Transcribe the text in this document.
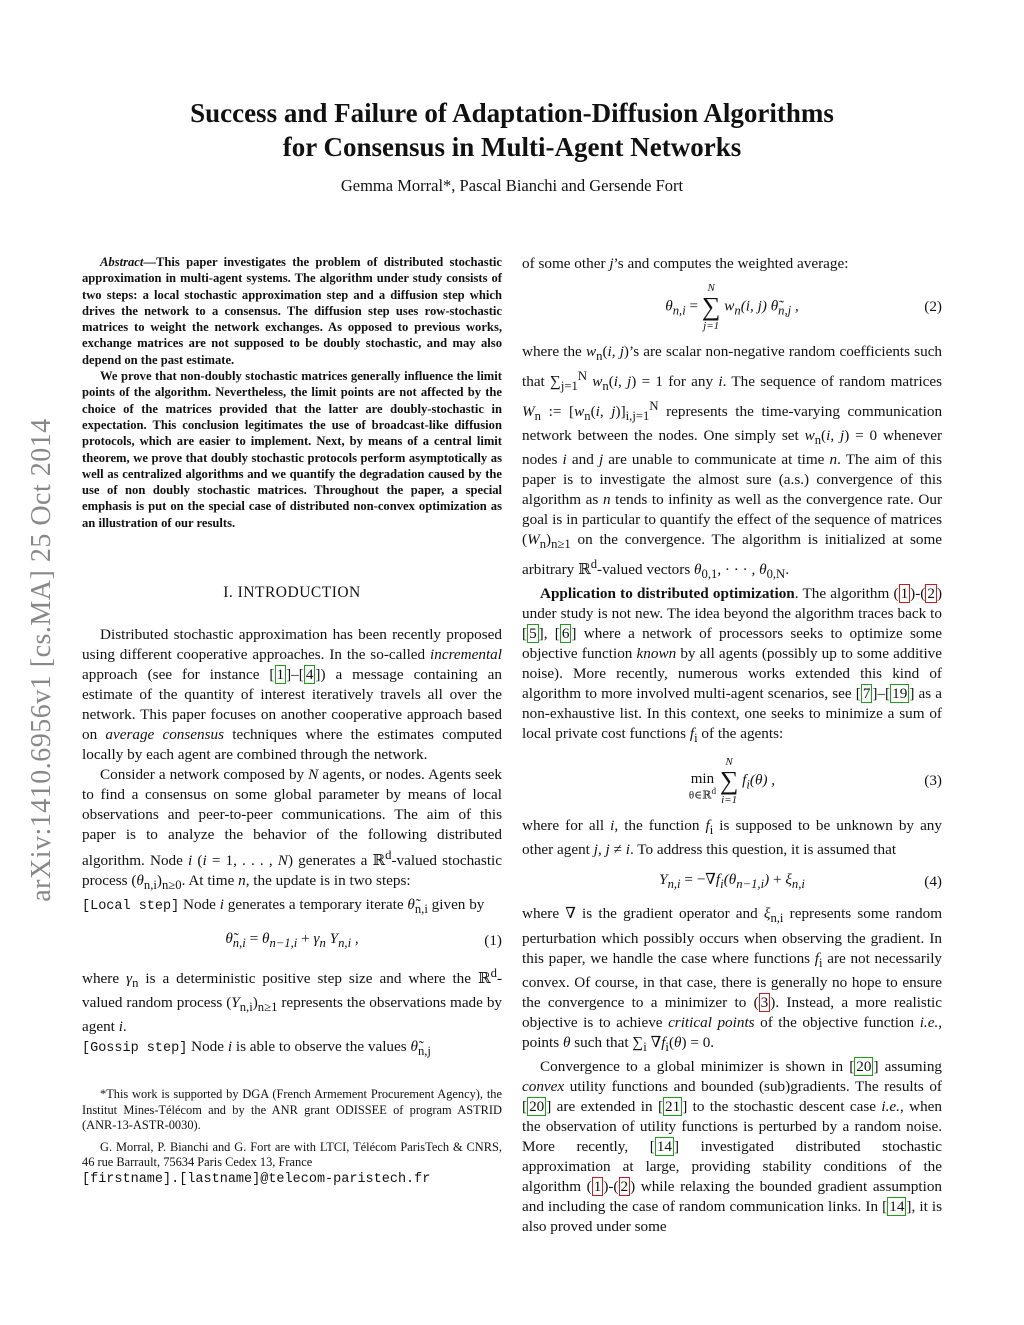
arXiv:1410.6956v1 [cs.MA] 25 Oct 2014
Success and Failure of Adaptation-Diffusion Algorithms
for Consensus in Multi-Agent Networks
Gemma Morral*, Pascal Bianchi and Gersende Fort

Abstract—This paper investigates the problem of distributed stochastic approximation in multi-agent systems. The algorithm under study consists of two steps: a local stochastic approximation step and a diffusion step which drives the network to a consensus. The diffusion step uses row-stochastic matrices to weight the network exchanges. As opposed to previous works, exchange matrices are not supposed to be doubly stochastic, and may also depend on the past estimate.

We prove that non-doubly stochastic matrices generally influence the limit points of the algorithm. Nevertheless, the limit points are not affected by the choice of the matrices provided that the latter are doubly-stochastic in expectation. This conclusion legitimates the use of broadcast-like diffusion protocols, which are easier to implement. Next, by means of a central limit theorem, we prove that doubly stochastic protocols perform asymptotically as well as centralized algorithms and we quantify the degradation caused by the use of non doubly stochastic matrices. Throughout the paper, a special emphasis is put on the special case of distributed non-convex optimization as an illustration of our results.

I. INTRODUCTION

Distributed stochastic approximation has been recently proposed using different cooperative approaches. In the so-called incremental approach (see for instance [ 1 ]–[ 4 ]) a message containing an estimate of the quantity of interest iteratively travels all over the network. This paper focuses on another cooperative approach based on average consensus techniques where the estimates computed locally by each agent are combined through the network.

Consider a network composed by N agents, or nodes. Agents seek to find a consensus on some global parameter by means of local observations and peer-to-peer communications. The aim of this paper is to analyze the behavior of the following distributed algorithm. Node i (i = 1, . . . , N) generates a ℝ$^d$-valued stochastic process $(\theta_{n,i})_{n\ge 0}$. At time n, the update is in two steps:

[Local step] Node i generates a temporary iterate $\thetã_{n,i}$ given by

$\thetã_{n,i} = \theta_{n-1,i} + \gamma_n$ $Y_{n,i}$ ,	(1)

where $\gamma_n$ is a deterministic positive step size and where the ℝ$^d$-valued random process $(Y_{n,i})_{n\ge 1}$ represents the observations made by agent i.

[Gossip step] Node i is able to observe the values $\thetã_{n,j}$

*This work is supported by DGA (French Armement Procurement Agency), the Institut Mines-Télécom and by the ANR grant ODISSEE of program ASTRID (ANR-13-ASTR-0030).

G. Morral, P. Bianchi and G. Fort are with LTCI, Télécom ParisTech & CNRS, 46 rue Barrault, 75634 Paris Cedex 13, France
[firstname].[lastname]@telecom-paristech.fr

of some other j’s and computes the weighted average:

$\theta_{n,i}$ =
N
∑
j=1
$w_n(i$, j) $\thetã_{n,j}$ ,	(2)

where the $w_n(i$, j)’s are scalar non-negative random coefficients such that $\sum_{j=1}^N$ $w_n(i$, j) = 1 for any i. The sequence of random matrices $W_n$ := [$w_n(i$, $j)]_{i,j=1}^N$ represents the time-varying communication network between the nodes. One simply set $w_n(i$, j) = 0 whenever nodes i and j are unable to communicate at time n. The aim of this paper is to investigate the almost sure (a.s.) convergence of this algorithm as n tends to infinity as well as the convergence rate. Our goal is in particular to quantify the effect of the sequence of matrices $(W_n)_{n\ge 1}$ on the convergence. The algorithm is initialized at some arbitrary ℝ$^d$-valued vectors $\theta_{0,1}$, · · · , $\theta_{0,N}$.

Application to distributed optimization. The algorithm ( 1 )-( 2 ) under study is not new. The idea beyond the algorithm traces back to [ 5 ], [ 6 ] where a network of processors seeks to optimize some objective function known by all agents (possibly up to some additive noise). More recently, numerous works extended this kind of algorithm to more involved multi-agent scenarios, see [ 7 ]–[ 19 ] as a non-exhaustive list. In this context, one seeks to minimize a sum of local private cost functions $f_i$ of the agents:

min
θ∈ℝ$^d$

N
∑
i=1
$f_i(\theta)$ ,	(3)

where for all i, the function $f_i$ is supposed to be unknown by any other agent j, j ≠ i. To address this question, it is assumed that

$Y_{n,i} = -\nabla f_i(\theta_{n-1,i}) + \xi_{n,i}$	(4)

where ∇ is the gradient operator and $\xi_{n,i}$ represents some random perturbation which possibly occurs when observing the gradient. In this paper, we handle the case where functions $f_i$ are not necessarily convex. Of course, in that case, there is generally no hope to ensure the convergence to a minimizer to ( 3 ). Instead, a more realistic objective is to achieve critical points of the objective function i.e., points θ such that $\sum_i$ $\nabla f_i(\theta) = 0$.

Convergence to a global minimizer is shown in [ 20 ] assuming convex utility functions and bounded (sub)gradients. The results of [ 20 ] are extended in [ 21 ] to the stochastic descent case i.e., when the observation of utility functions is perturbed by a random noise. More recently, [ 14 ] investigated distributed stochastic approximation at large, providing stability conditions of the algorithm ( 1 )-( 2 ) while relaxing the bounded gradient assumption and including the case of random communication links. In [ 14 ], it is also proved under some
